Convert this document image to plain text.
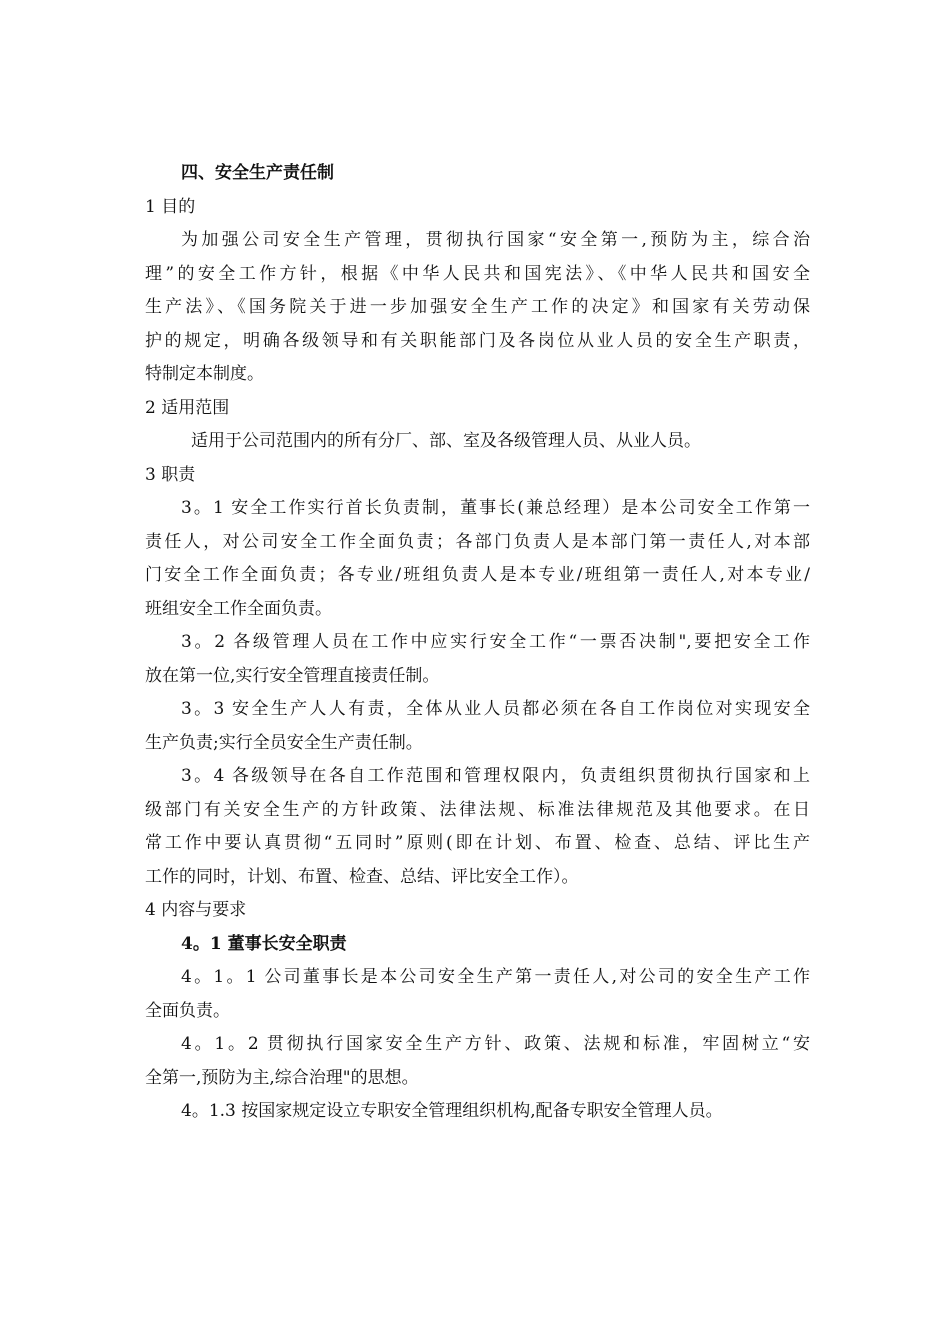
四、安全生产责任制
1 目的
为加强公司安全生产管理，贯彻执行国家“安全第一,预防为主，综合治
理”的安全工作方针，根据《中华人民共和国宪法》、《中华人民共和国安全
生产法》、《国务院关于进一步加强安全生产工作的决定》和国家有关劳动保
护的规定，明确各级领导和有关职能部门及各岗位从业人员的安全生产职责，
特制定本制度。
2 适用范围
适用于公司范围内的所有分厂、部、室及各级管理人员、从业人员。
3 职责
3。1 安全工作实行首长负责制，董事长(兼总经理）是本公司安全工作第一
责任人，对公司安全工作全面负责；各部门负责人是本部门第一责任人,对本部
门安全工作全面负责；各专业/班组负责人是本专业/班组第一责任人,对本专业/
班组安全工作全面负责。
3。2 各级管理人员在工作中应实行安全工作“一票否决制",要把安全工作
放在第一位,实行安全管理直接责任制。
3。3 安全生产人人有责，全体从业人员都必须在各自工作岗位对实现安全
生产负责;实行全员安全生产责任制。
3。4 各级领导在各自工作范围和管理权限内，负责组织贯彻执行国家和上
级部门有关安全生产的方针政策、法律法规、标准法律规范及其他要求。在日
常工作中要认真贯彻“五同时”原则(即在计划、布置、检查、总结、评比生产
工作的同时，计划、布置、检查、总结、评比安全工作）。
4 内容与要求
4。1 董事长安全职责
4。1。1 公司董事长是本公司安全生产第一责任人,对公司的安全生产工作
全面负责。
4。1。2 贯彻执行国家安全生产方针、政策、法规和标准，牢固树立“安
全第一,预防为主,综合治理"的思想。
4。1.3 按国家规定设立专职安全管理组织机构,配备专职安全管理人员。
